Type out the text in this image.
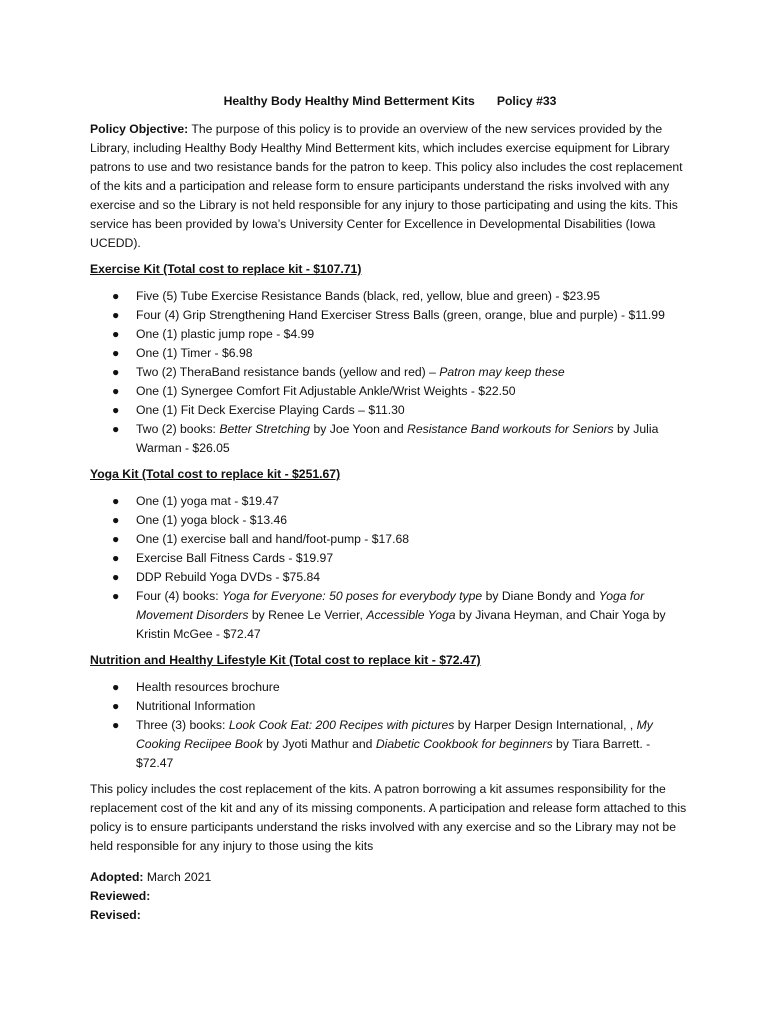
Healthy Body Healthy Mind Betterment Kits Policy #33

Policy Objective: The purpose of this policy is to provide an overview of the new services provided by the Library, including Healthy Body Healthy Mind Betterment kits, which includes exercise equipment for Library patrons to use and two resistance bands for the patron to keep. This policy also includes the cost replacement of the kits and a participation and release form to ensure participants understand the risks involved with any exercise and so the Library is not held responsible for any injury to those participating and using the kits. This service has been provided by Iowa’s University Center for Excellence in Developmental Disabilities (Iowa UCEDD).

Exercise Kit (Total cost to replace kit - $107.71)

● Five (5) Tube Exercise Resistance Bands (black, red, yellow, blue and green) - $23.95
● Four (4) Grip Strengthening Hand Exerciser Stress Balls (green, orange, blue and purple) - $11.99
● One (1) plastic jump rope - $4.99
● One (1) Timer - $6.98
● Two (2) TheraBand resistance bands (yellow and red) – Patron may keep these
● One (1) Synergee Comfort Fit Adjustable Ankle/Wrist Weights - $22.50
● One (1) Fit Deck Exercise Playing Cards – $11.30
● Two (2) books: Better Stretching by Joe Yoon and Resistance Band workouts for Seniors by Julia Warman - $26.05

Yoga Kit (Total cost to replace kit - $251.67)

● One (1) yoga mat - $19.47
● One (1) yoga block - $13.46
● One (1) exercise ball and hand/foot-pump - $17.68
● Exercise Ball Fitness Cards - $19.97
● DDP Rebuild Yoga DVDs - $75.84
● Four (4) books: Yoga for Everyone: 50 poses for everybody type by Diane Bondy and Yoga for Movement Disorders by Renee Le Verrier, Accessible Yoga by Jivana Heyman, and Chair Yoga by Kristin McGee - $72.47

Nutrition and Healthy Lifestyle Kit (Total cost to replace kit - $72.47)

● Health resources brochure
● Nutritional Information
● Three (3) books: Look Cook Eat: 200 Recipes with pictures by Harper Design International, , My Cooking Reciipee Book by Jyoti Mathur and Diabetic Cookbook for beginners by Tiara Barrett. - $72.47

This policy includes the cost replacement of the kits. A patron borrowing a kit assumes responsibility for the replacement cost of the kit and any of its missing components. A participation and release form attached to this policy is to ensure participants understand the risks involved with any exercise and so the Library may not be held responsible for any injury to those using the kits

Adopted: March 2021

Reviewed:

Revised:
